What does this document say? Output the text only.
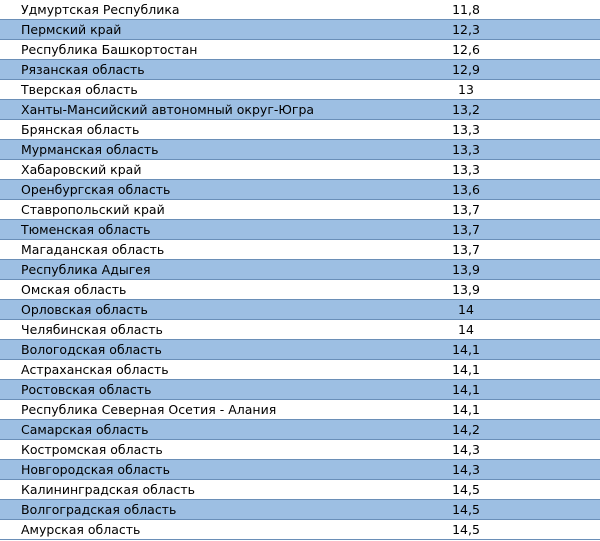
Удмуртская Республика	11,8
Пермский край	12,3
Республика Башкортостан	12,6
Рязанская область	12,9
Тверская область	13
Ханты-Мансийский автономный округ-Югра	13,2
Брянская область	13,3
Мурманская область	13,3
Хабаровский край	13,3
Оренбургская область	13,6
Ставропольский край	13,7
Тюменская область	13,7
Магаданская область	13,7
Республика Адыгея	13,9
Омская область	13,9
Орловская область	14
Челябинская область	14
Вологодская область	14,1
Астраханская область	14,1
Ростовская область	14,1
Республика Северная Осетия - Алания	14,1
Самарская область	14,2
Костромская область	14,3
Новгородская область	14,3
Калининградская область	14,5
Волгоградская область	14,5
Амурская область	14,5
